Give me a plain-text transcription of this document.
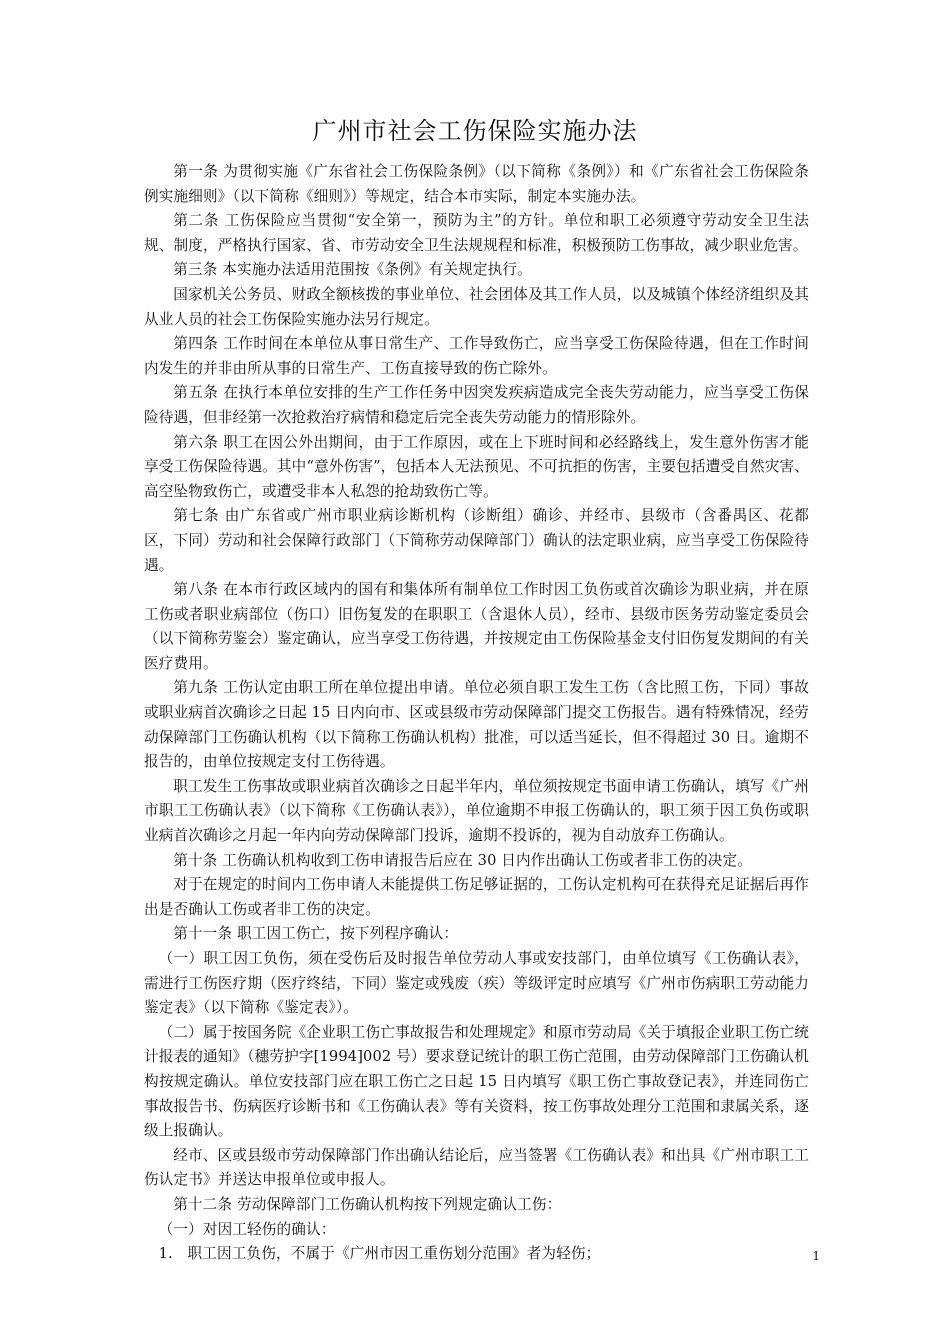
广州市社会工伤保险实施办法

第一条 为贯彻实施《广东省社会工伤保险条例》（以下简称《条例》）和《广东省社会工伤保险条例实施细则》（以下简称《细则》）等规定，结合本市实际，制定本实施办法。

第二条 工伤保险应当贯彻“安全第一，预防为主”的方针。单位和职工必须遵守劳动安全卫生法规、制度，严格执行国家、省、市劳动安全卫生法规规程和标准，积极预防工伤事故，减少职业危害。

第三条 本实施办法适用范围按《条例》有关规定执行。

国家机关公务员、财政全额核拨的事业单位、社会团体及其工作人员，以及城镇个体经济组织及其从业人员的社会工伤保险实施办法另行规定。

第四条 工作时间在本单位从事日常生产、工作导致伤亡，应当享受工伤保险待遇，但在工作时间内发生的并非由所从事的日常生产、工伤直接导致的伤亡除外。

第五条 在执行本单位安排的生产工作任务中因突发疾病造成完全丧失劳动能力，应当享受工伤保险待遇，但非经第一次抢救治疗病情和稳定后完全丧失劳动能力的情形除外。

第六条 职工在因公外出期间，由于工作原因，或在上下班时间和必经路线上，发生意外伤害才能享受工伤保险待遇。其中“意外伤害”，包括本人无法预见、不可抗拒的伤害，主要包括遭受自然灾害、高空坠物致伤亡，或遭受非本人私怨的抢劫致伤亡等。

第七条 由广东省或广州市职业病诊断机构（诊断组）确诊、并经市、县级市（含番禺区、花都区，下同）劳动和社会保障行政部门（下简称劳动保障部门）确认的法定职业病，应当享受工伤保险待遇。

第八条 在本市行政区域内的国有和集体所有制单位工作时因工负伤或首次确诊为职业病，并在原工伤或者职业病部位（伤口）旧伤复发的在职职工（含退休人员），经市、县级市医务劳动鉴定委员会（以下简称劳鉴会）鉴定确认，应当享受工伤待遇，并按规定由工伤保险基金支付旧伤复发期间的有关医疗费用。

第九条 工伤认定由职工所在单位提出申请。单位必须自职工发生工伤（含比照工伤，下同）事故或职业病首次确诊之日起 15 日内向市、区或县级市劳动保障部门提交工伤报告。遇有特殊情况，经劳动保障部门工伤确认机构（以下简称工伤确认机构）批准，可以适当延长，但不得超过 30 日。逾期不报告的，由单位按规定支付工伤待遇。

职工发生工伤事故或职业病首次确诊之日起半年内，单位须按规定书面申请工伤确认，填写《广州市职工工伤确认表》（以下简称《工伤确认表》），单位逾期不申报工伤确认的，职工须于因工负伤或职业病首次确诊之月起一年内向劳动保障部门投诉，逾期不投诉的，视为自动放弃工伤确认。

第十条 工伤确认机构收到工伤申请报告后应在 30 日内作出确认工伤或者非工伤的决定。

对于在规定的时间内工伤申请人未能提供工伤足够证据的，工伤认定机构可在获得充足证据后再作出是否确认工伤或者非工伤的决定。

第十一条 职工因工伤亡，按下列程序确认：

（一）职工因工负伤，须在受伤后及时报告单位劳动人事或安技部门，由单位填写《工伤确认表》，需进行工伤医疗期（医疗终结，下同）鉴定或残废（疾）等级评定时应填写《广州市伤病职工劳动能力鉴定表》（以下简称《鉴定表》）。

（二）属于按国务院《企业职工伤亡事故报告和处理规定》和原市劳动局《关于填报企业职工伤亡统计报表的通知》（穗劳护字[1994]002 号）要求登记统计的职工伤亡范围，由劳动保障部门工伤确认机构按规定确认。单位安技部门应在职工伤亡之日起 15 日内填写《职工伤亡事故登记表》，并连同伤亡事故报告书、伤病医疗诊断书和《工伤确认表》等有关资料，按工伤事故处理分工范围和隶属关系，逐级上报确认。

经市、区或县级市劳动保障部门作出确认结论后，应当签署《工伤确认表》和出具《广州市职工工伤认定书》并送达申报单位或申报人。

第十二条 劳动保障部门工伤确认机构按下列规定确认工伤：

（一）对因工轻伤的确认：

1.　职工因工负伤，不属于《广州市因工重伤划分范围》者为轻伤；	1
